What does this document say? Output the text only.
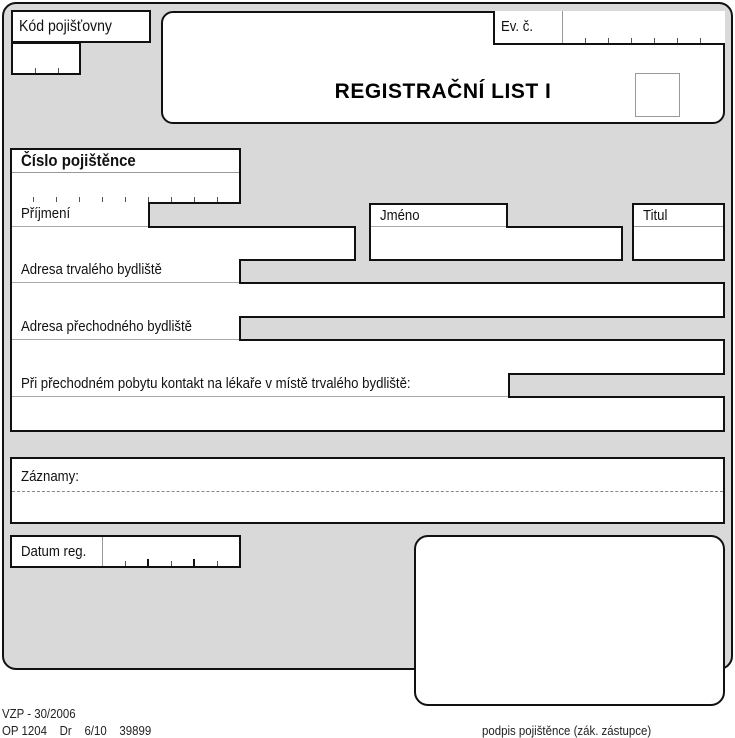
Kód pojišťovny
REGISTRAČNÍ LIST I
Ev. č.
Číslo pojištěnce
Příjmení	Jméno	Titul
Adresa trvalého bydliště
Adresa přechodného bydliště
Při přechodném pobytu kontakt na lékaře v místě trvalého bydliště:
Záznamy:
Datum reg.
podpis pojištěnce (zák. zástupce)
VZP - 30/2006
OP 1204    Dr    6/10    39899
